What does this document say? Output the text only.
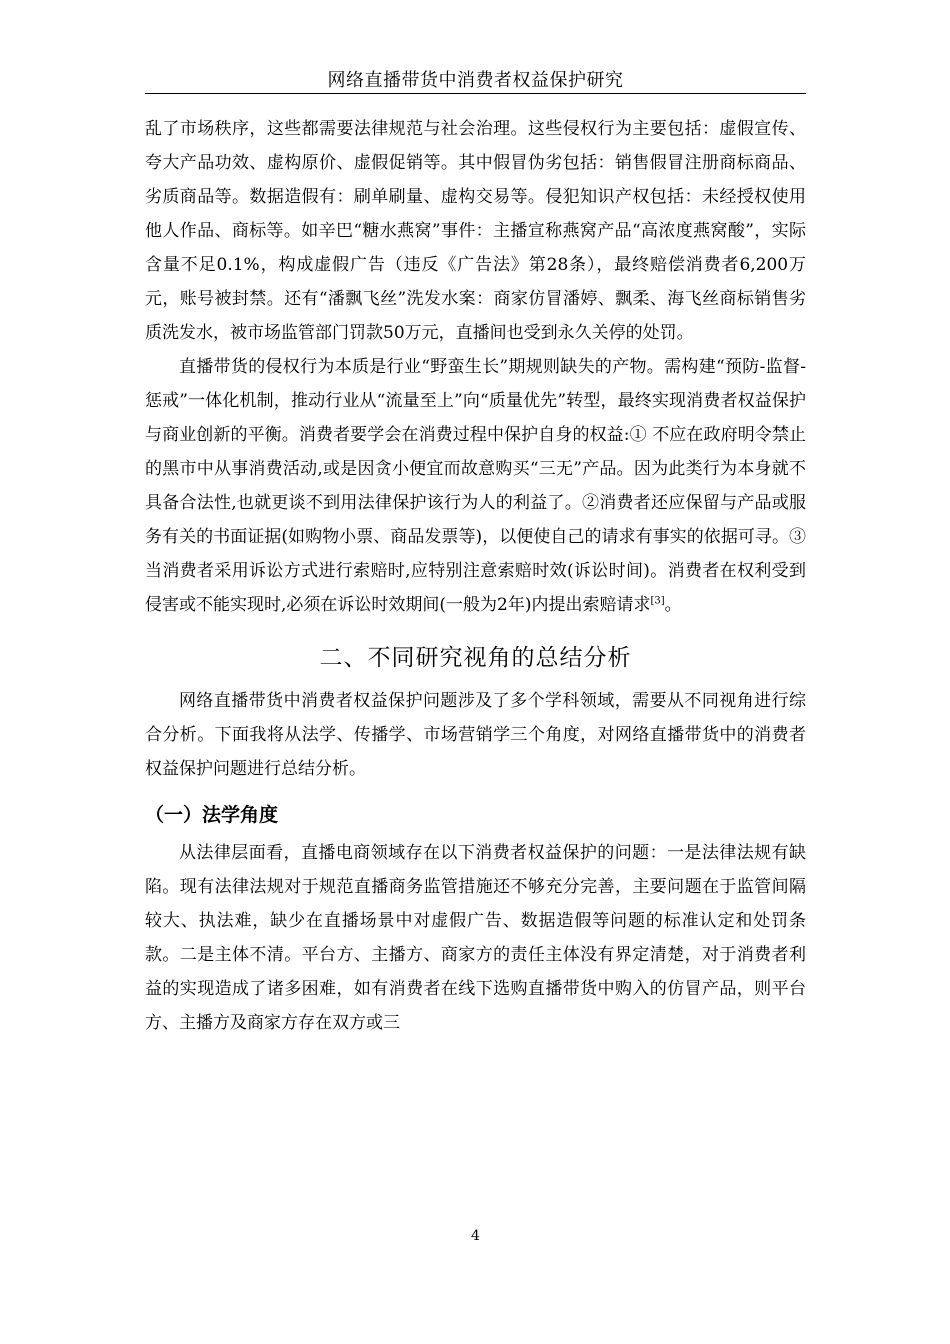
网络直播带货中消费者权益保护研究

乱了市场秩序，这些都需要法律规范与社会治理。这些侵权行为主要包括：虚假宣传、夸大产品功效、虚构原价、虚假促销等。其中假冒伪劣包括：销售假冒注册商标商品、劣质商品等。数据造假有：刷单刷量、虚构交易等。侵犯知识产权包括：未经授权使用他人作品、商标等。如辛巴“糖水燕窝”事件：主播宣称燕窝产品“高浓度燕窝酸”，实际含量不足0.1%，构成虚假广告（违反《广告法》第28条），最终赔偿消费者6,200万元，账号被封禁。还有“潘飘飞丝”洗发水案：商家仿冒潘婷、飘柔、海飞丝商标销售劣质洗发水，被市场监管部门罚款50万元，直播间也受到永久关停的处罚。

直播带货的侵权行为本质是行业“野蛮生长”期规则缺失的产物。需构建“预防-监督-惩戒”一体化机制，推动行业从“流量至上”向“质量优先”转型，最终实现消费者权益保护与商业创新的平衡。消费者要学会在消费过程中保护自身的权益:① 不应在政府明令禁止的黑市中从事消费活动,或是因贪小便宜而故意购买“三无”产品。因为此类行为本身就不具备合法性,也就更谈不到用法律保护该行为人的利益了。②消费者还应保留与产品或服务有关的书面证据(如购物小票、商品发票等)，以便使自己的请求有事实的依据可寻。③当消费者采用诉讼方式进行索赔时,应特别注意索赔时效(诉讼时间)。消费者在权利受到侵害或不能实现时,必须在诉讼时效期间(一般为2年)内提出索赔请求[3]。

二、不同研究视角的总结分析

网络直播带货中消费者权益保护问题涉及了多个学科领域，需要从不同视角进行综合分析。下面我将从法学、传播学、市场营销学三个角度，对网络直播带货中的消费者权益保护问题进行总结分析。

（一）法学角度

从法律层面看，直播电商领域存在以下消费者权益保护的问题：一是法律法规有缺陷。现有法律法规对于规范直播商务监管措施还不够充分完善，主要问题在于监管间隔较大、执法难，缺少在直播场景中对虚假广告、数据造假等问题的标准认定和处罚条款。二是主体不清。平台方、主播方、商家方的责任主体没有界定清楚，对于消费者利益的实现造成了诸多困难，如有消费者在线下选购直播带货中购入的仿冒产品，则平台方、主播方及商家方存在双方或三

4
